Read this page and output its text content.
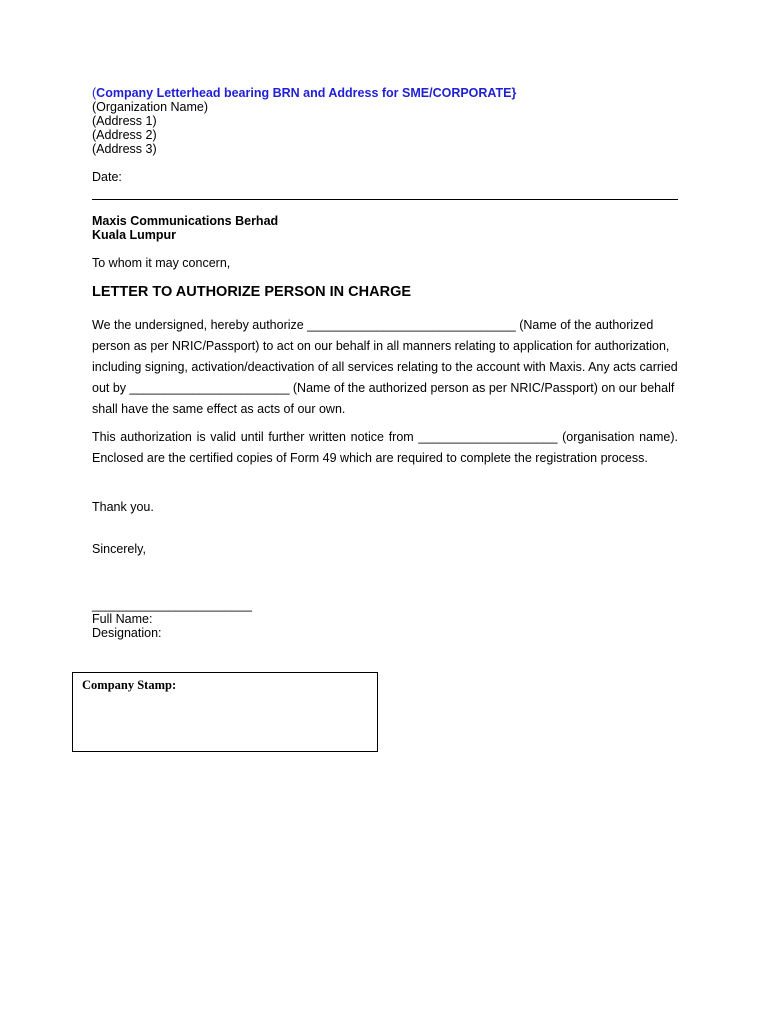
(Company Letterhead bearing BRN and Address for SME/CORPORATE}
(Organization Name)
(Address 1)
(Address 2)
(Address 3)
Date:
Maxis Communications Berhad
Kuala Lumpur
To whom it may concern,
LETTER TO AUTHORIZE PERSON IN CHARGE
We the undersigned, hereby authorize ______________________________ (Name of the authorized person as per NRIC/Passport) to act on our behalf in all manners relating to application for authorization, including signing, activation/deactivation of all services relating to the account with Maxis. Any acts carried out by _______________________ (Name of the authorized person as per NRIC/Passport) on our behalf shall have the same effect as acts of our own.
This authorization is valid until further written notice from ____________________ (organisation name). Enclosed are the certified copies of Form 49 which are required to complete the registration process.
Thank you.
Sincerely,
_______________________
Full Name:
Designation:
Company Stamp:
